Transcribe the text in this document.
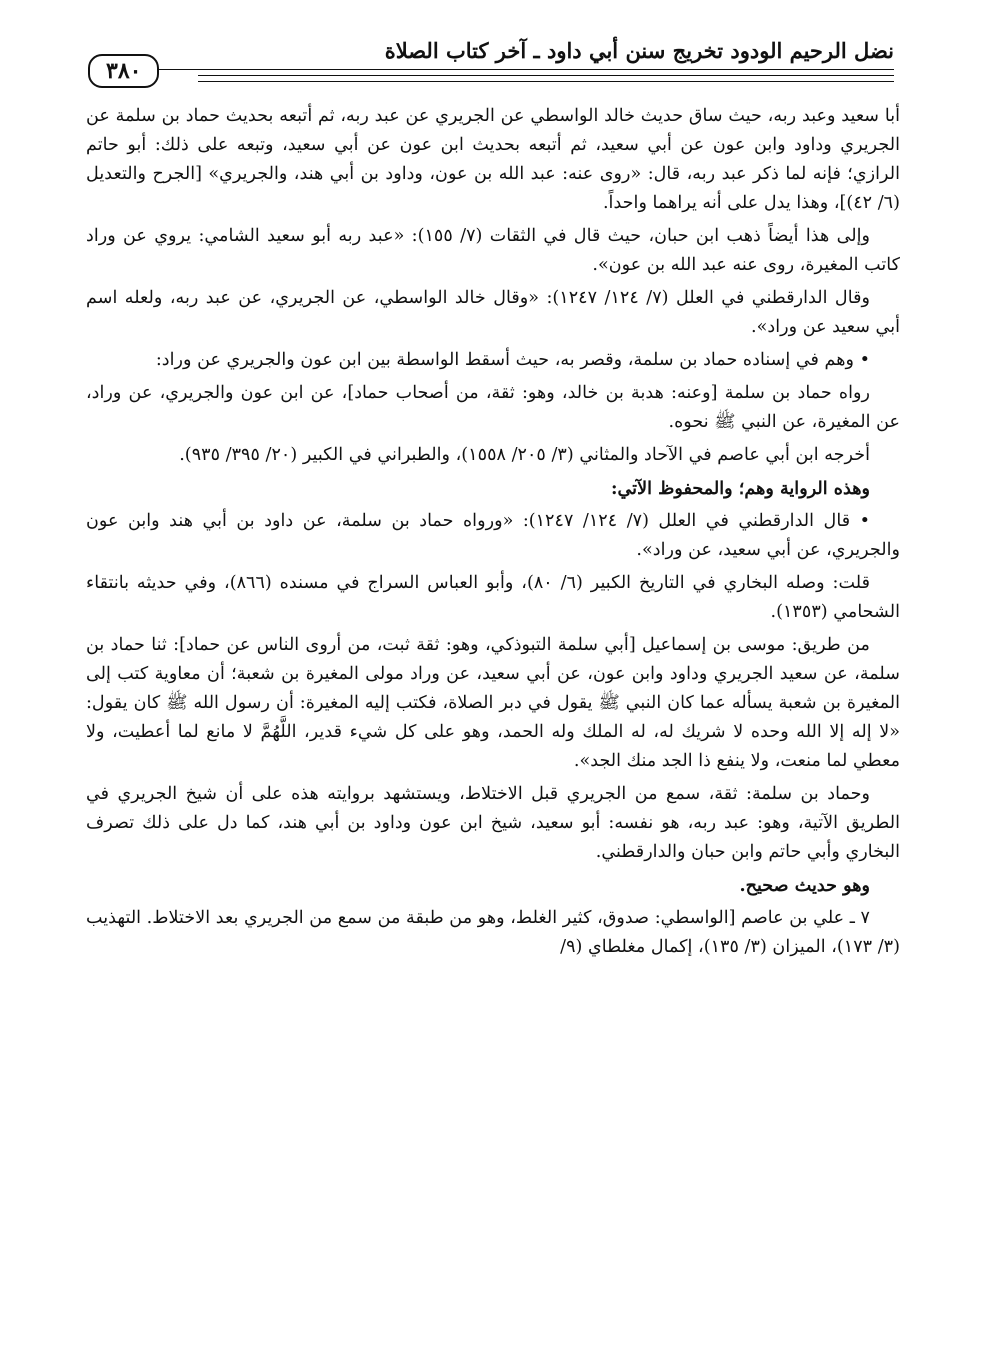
نضل الرحيم الودود تخريج سنن أبي داود ـ آخر كتاب الصلاة
٣٨٠

أبا سعيد وعبد ربه، حيث ساق حديث خالد الواسطي عن الجريري عن عبد ربه، ثم أتبعه بحديث حماد بن سلمة عن الجريري وداود وابن عون عن أبي سعيد، ثم أتبعه بحديث ابن عون عن أبي سعيد، وتبعه على ذلك: أبو حاتم الرازي؛ فإنه لما ذكر عبد ربه، قال: «روى عنه: عبد الله بن عون، وداود بن أبي هند، والجريري» [الجرح والتعديل (٦/ ٤٢)]، وهذا يدل على أنه يراهما واحداً.

وإلى هذا أيضاً ذهب ابن حبان، حيث قال في الثقات (٧/ ١٥٥): «عبد ربه أبو سعيد الشامي: يروي عن وراد كاتب المغيرة، روى عنه عبد الله بن عون».

وقال الدارقطني في العلل (٧/ ١٢٤/ ١٢٤٧): «وقال خالد الواسطي، عن الجريري، عن عبد ربه، ولعله اسم أبي سعيد عن وراد».

• وهم في إسناده حماد بن سلمة، وقصر به، حيث أسقط الواسطة بين ابن عون والجريري عن وراد:

رواه حماد بن سلمة [وعنه: هدبة بن خالد، وهو: ثقة، من أصحاب حماد]، عن ابن عون والجريري، عن وراد، عن المغيرة، عن النبي ﷺ نحوه.

أخرجه ابن أبي عاصم في الآحاد والمثاني (٣/ ٢٠٥/ ١٥٥٨)، والطبراني في الكبير (٢٠/ ٣٩٥/ ٩٣٥).

وهذه الرواية وهم؛ والمحفوظ الآتي:

• قال الدارقطني في العلل (٧/ ١٢٤/ ١٢٤٧): «ورواه حماد بن سلمة، عن داود بن أبي هند وابن عون والجريري، عن أبي سعيد، عن وراد».

قلت: وصله البخاري في التاريخ الكبير (٦/ ٨٠)، وأبو العباس السراج في مسنده (٨٦٦)، وفي حديثه بانتقاء الشحامي (١٣٥٣).

من طريق: موسى بن إسماعيل [أبي سلمة التبوذكي، وهو: ثقة ثبت، من أروى الناس عن حماد]: ثنا حماد بن سلمة، عن سعيد الجريري وداود وابن عون، عن أبي سعيد، عن وراد مولى المغيرة بن شعبة؛ أن معاوية كتب إلى المغيرة بن شعبة يسأله عما كان النبي ﷺ يقول في دبر الصلاة، فكتب إليه المغيرة: أن رسول الله ﷺ كان يقول: «لا إله إلا الله وحده لا شريك له، له الملك وله الحمد، وهو على كل شيء قدير، اللَّهُمَّ لا مانع لما أعطيت، ولا معطي لما منعت، ولا ينفع ذا الجد منك الجد».

وحماد بن سلمة: ثقة، سمع من الجريري قبل الاختلاط، ويستشهد بروايته هذه على أن شيخ الجريري في الطريق الآتية، وهو: عبد ربه، هو نفسه: أبو سعيد، شيخ ابن عون وداود بن أبي هند، كما دل على ذلك تصرف البخاري وأبي حاتم وابن حبان والدارقطني.

وهو حديث صحيح.

٧ ـ علي بن عاصم [الواسطي: صدوق، كثير الغلط، وهو من طبقة من سمع من الجريري بعد الاختلاط. التهذيب (٣/ ١٧٣)، الميزان (٣/ ١٣٥)، إكمال مغلطاي (٩/
